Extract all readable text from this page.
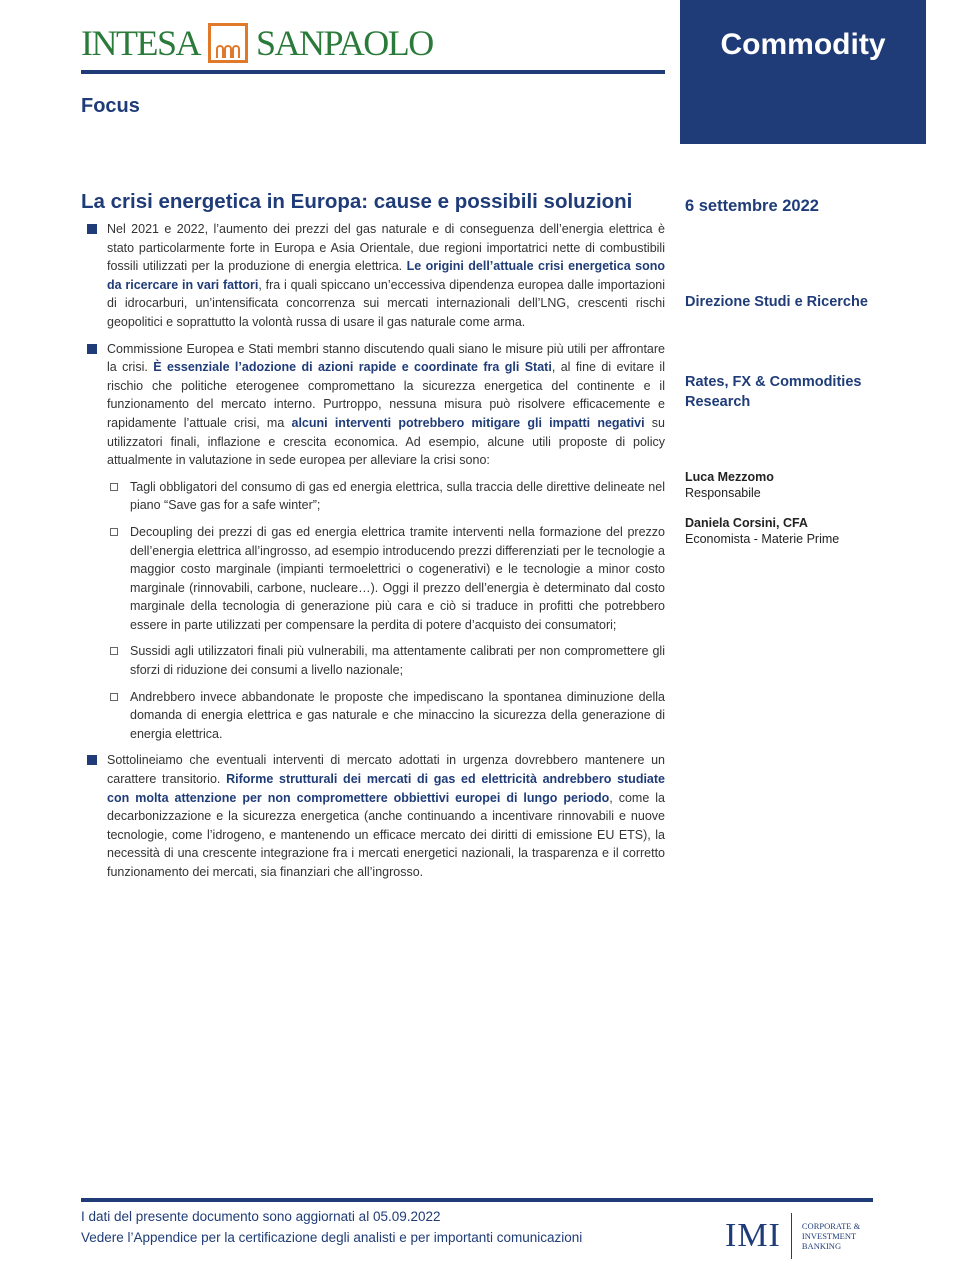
INTESA SANPAOLO
Focus
Commodity
La crisi energetica in Europa: cause e possibili soluzioni	6 settembre 2022
Direzione Studi e Ricerche
Rates, FX & Commodities Research
Luca Mezzomo
Responsabile
Daniela Corsini, CFA
Economista - Materie Prime

Nel 2021 e 2022, l’aumento dei prezzi del gas naturale e di conseguenza dell’energia elettrica è stato particolarmente forte in Europa e Asia Orientale, due regioni importatrici nette di combustibili fossili utilizzati per la produzione di energia elettrica. Le origini dell’attuale crisi energetica sono da ricercare in vari fattori, fra i quali spiccano un’eccessiva dipendenza europea dalle importazioni di idrocarburi, un’intensificata concorrenza sui mercati internazionali dell’LNG, crescenti rischi geopolitici e soprattutto la volontà russa di usare il gas naturale come arma.

Commissione Europea e Stati membri stanno discutendo quali siano le misure più utili per affrontare la crisi. È essenziale l’adozione di azioni rapide e coordinate fra gli Stati, al fine di evitare il rischio che politiche eterogenee compromettano la sicurezza energetica del continente e il funzionamento del mercato interno. Purtroppo, nessuna misura può risolvere efficacemente e rapidamente l’attuale crisi, ma alcuni interventi potrebbero mitigare gli impatti negativi su utilizzatori finali, inflazione e crescita economica. Ad esempio, alcune utili proposte di policy attualmente in valutazione in sede europea per alleviare la crisi sono:

Tagli obbligatori del consumo di gas ed energia elettrica, sulla traccia delle direttive delineate nel piano “Save gas for a safe winter”;

Decoupling dei prezzi di gas ed energia elettrica tramite interventi nella formazione del prezzo dell’energia elettrica all’ingrosso, ad esempio introducendo prezzi differenziati per le tecnologie a maggior costo marginale (impianti termoelettrici o cogenerativi) e le tecnologie a minor costo marginale (rinnovabili, carbone, nucleare…). Oggi il prezzo dell’energia è determinato dal costo marginale della tecnologia di generazione più cara e ciò si traduce in profitti che potrebbero essere in parte utilizzati per compensare la perdita di potere d’acquisto dei consumatori;

Sussidi agli utilizzatori finali più vulnerabili, ma attentamente calibrati per non compromettere gli sforzi di riduzione dei consumi a livello nazionale;

Andrebbero invece abbandonate le proposte che impediscano la spontanea diminuzione della domanda di energia elettrica e gas naturale e che minaccino la sicurezza della generazione di energia elettrica.

Sottolineiamo che eventuali interventi di mercato adottati in urgenza dovrebbero mantenere un carattere transitorio. Riforme strutturali dei mercati di gas ed elettricità andrebbero studiate con molta attenzione per non compromettere obbiettivi europei di lungo periodo, come la decarbonizzazione e la sicurezza energetica (anche continuando a incentivare rinnovabili e nuove tecnologie, come l’idrogeno, e mantenendo un efficace mercato dei diritti di emissione EU ETS), la necessità di una crescente integrazione fra i mercati energetici nazionali, la trasparenza e il corretto funzionamento dei mercati, sia finanziari che all’ingrosso.

I dati del presente documento sono aggiornati al 05.09.2022
Vedere l’Appendice per la certificazione degli analisti e per importanti comunicazioni	IMI CORPORATE &
INVESTMENT
BANKING
